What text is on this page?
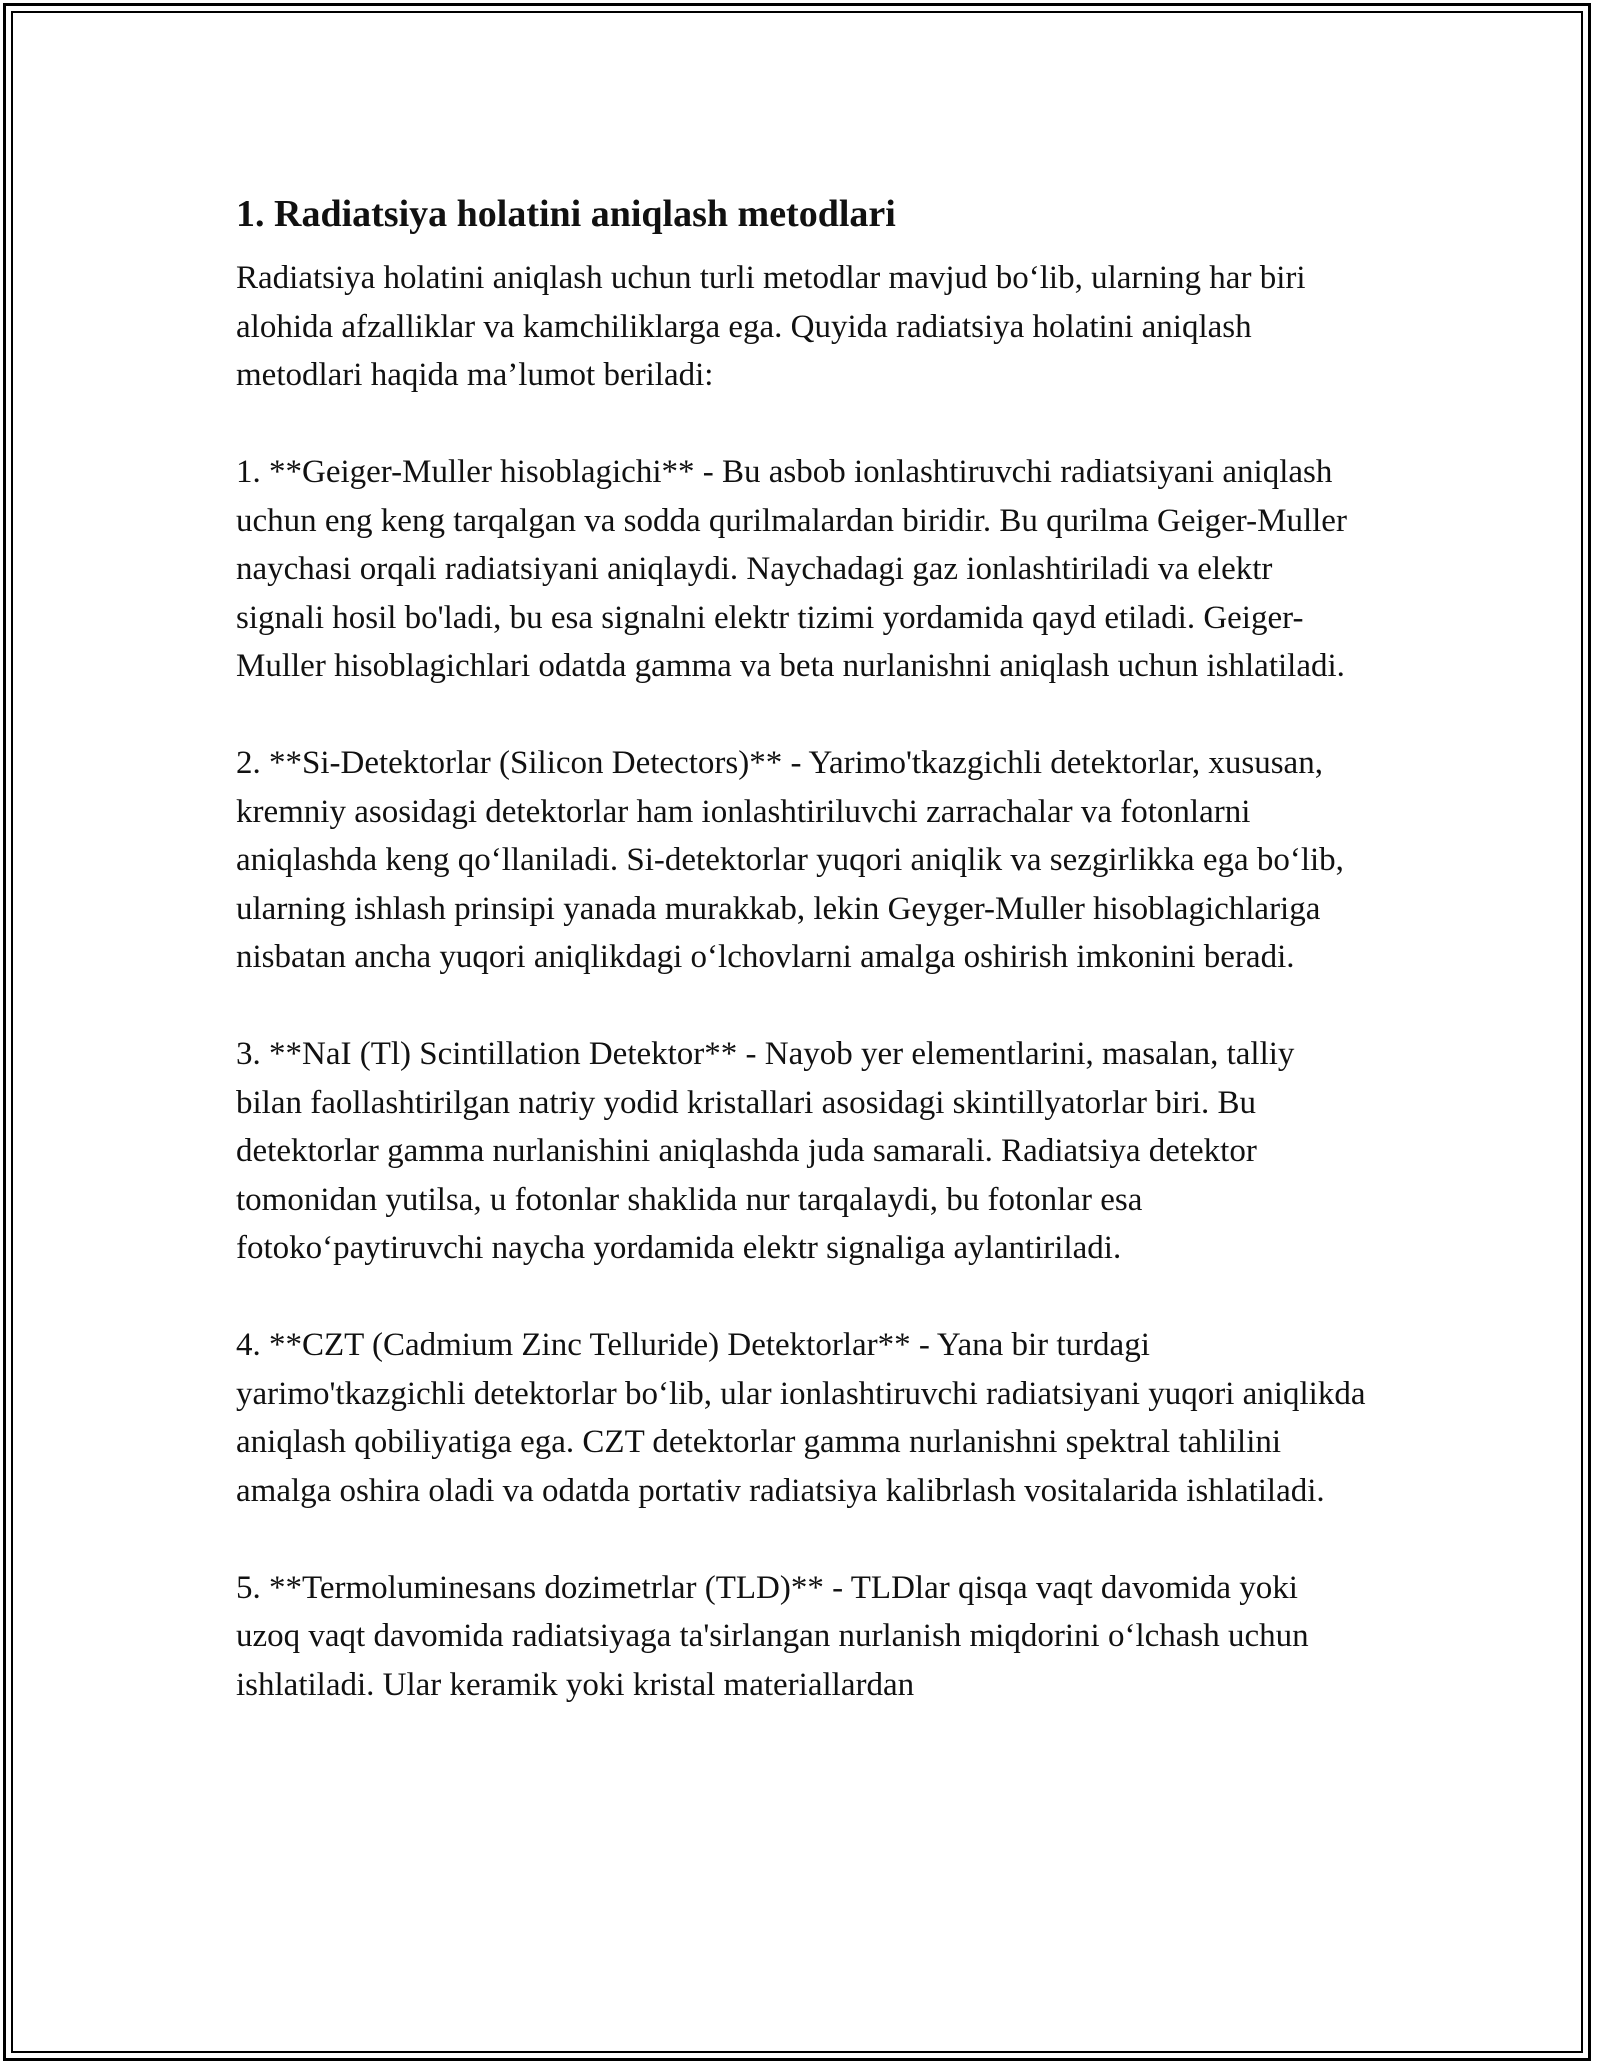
1. Radiatsiya holatini aniqlash metodlari

Radiatsiya holatini aniqlash uchun turli metodlar mavjud bo‘lib, ularning har biri alohida afzalliklar va kamchiliklarga ega. Quyida radiatsiya holatini aniqlash metodlari haqida ma’lumot beriladi:

1. **Geiger-Muller hisoblagichi** - Bu asbob ionlashtiruvchi radiatsiyani aniqlash uchun eng keng tarqalgan va sodda qurilmalardan biridir. Bu qurilma Geiger-Muller naychasi orqali radiatsiyani aniqlaydi. Naychadagi gaz ionlashtiriladi va elektr signali hosil bo'ladi, bu esa signalni elektr tizimi yordamida qayd etiladi. Geiger-Muller hisoblagichlari odatda gamma va beta nurlanishni aniqlash uchun ishlatiladi.

2. **Si-Detektorlar (Silicon Detectors)** - Yarimo'tkazgichli detektorlar, xususan, kremniy asosidagi detektorlar ham ionlashtiriluvchi zarrachalar va fotonlarni aniqlashda keng qo‘llaniladi. Si-detektorlar yuqori aniqlik va sezgirlikka ega bo‘lib, ularning ishlash prinsipi yanada murakkab, lekin Geyger-Muller hisoblagichlariga nisbatan ancha yuqori aniqlikdagi o‘lchovlarni amalga oshirish imkonini beradi.

3. **NaI (Tl) Scintillation Detektor** - Nayob yer elementlarini, masalan, talliy bilan faollashtirilgan natriy yodid kristallari asosidagi skintillyatorlar biri. Bu detektorlar gamma nurlanishini aniqlashda juda samarali. Radiatsiya detektor tomonidan yutilsa, u fotonlar shaklida nur tarqalaydi, bu fotonlar esa fotoko‘paytiruvchi naycha yordamida elektr signaliga aylantiriladi.

4. **CZT (Cadmium Zinc Telluride) Detektorlar** - Yana bir turdagi yarimo'tkazgichli detektorlar bo‘lib, ular ionlashtiruvchi radiatsiyani yuqori aniqlikda aniqlash qobiliyatiga ega. CZT detektorlar gamma nurlanishni spektral tahlilini amalga oshira oladi va odatda portativ radiatsiya kalibrlash vositalarida ishlatiladi.

5. **Termoluminesans dozimetrlar (TLD)** - TLDlar qisqa vaqt davomida yoki uzoq vaqt davomida radiatsiyaga ta'sirlangan nurlanish miqdorini o‘lchash uchun ishlatiladi. Ular keramik yoki kristal materiallardan
